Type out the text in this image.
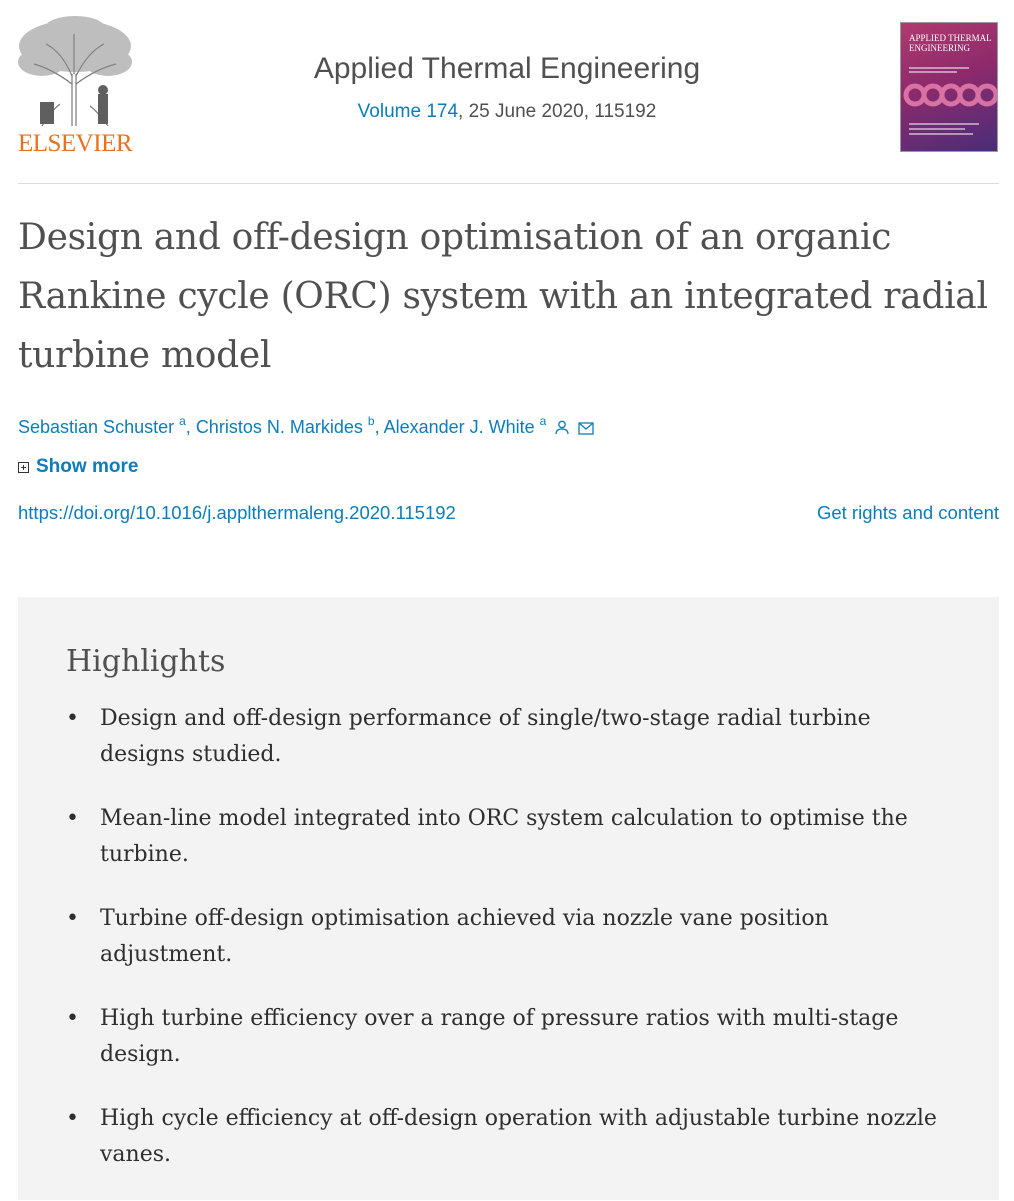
ELSEVIER
Applied Thermal Engineering
Volume 174, 25 June 2020, 115192
APPLIED THERMAL ENGINEERING
Design and off-design optimisation of an organic Rankine cycle (ORC) system with an integrated radial turbine model
Sebastian Schuster $^a$, Christos N. Markides $^b$, Alexander J. White $^a$
Show more
https://doi.org/10.1016/j.applthermaleng.2020.115192	Get rights and content
Highlights
• Design and off-design performance of single/two-stage radial turbine designs studied.
• Mean-line model integrated into ORC system calculation to optimise the turbine.
• Turbine off-design optimisation achieved via nozzle vane position adjustment.
• High turbine efficiency over a range of pressure ratios with multi-stage design.
• High cycle efficiency at off-design operation with adjustable turbine nozzle vanes.
